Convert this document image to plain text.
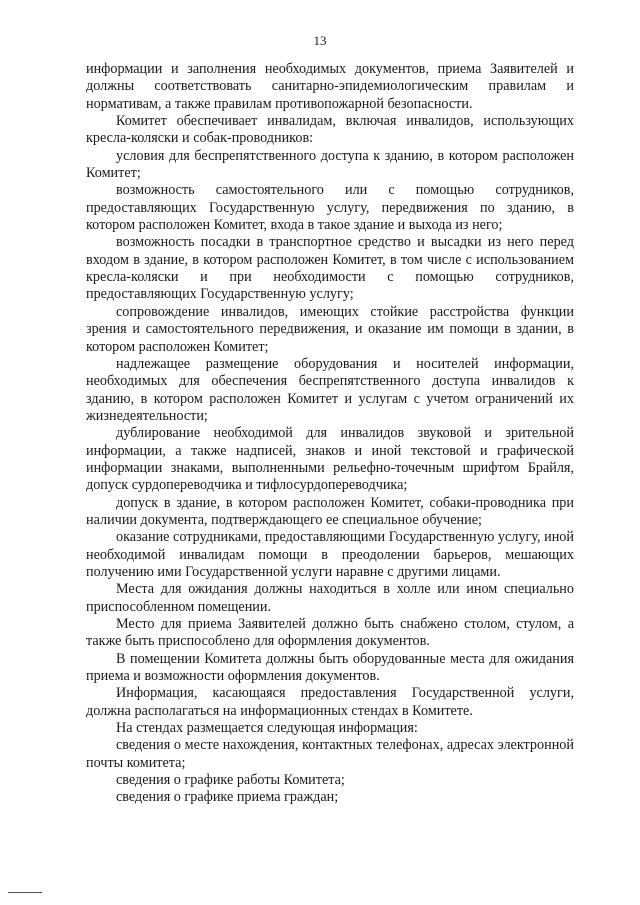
13

информации и заполнения необходимых документов, приема Заявителей и должны соответствовать санитарно-эпидемиологическим правилам и нормативам, а также правилам противопожарной безопасности.

Комитет обеспечивает инвалидам, включая инвалидов, использующих кресла-коляски и собак-проводников:

условия для беспрепятственного доступа к зданию, в котором расположен Комитет;

возможность самостоятельного или с помощью сотрудников, предоставляющих Государственную услугу, передвижения по зданию, в котором расположен Комитет, входа в такое здание и выхода из него;

возможность посадки в транспортное средство и высадки из него перед входом в здание, в котором расположен Комитет, в том числе с использованием кресла-коляски и при необходимости с помощью сотрудников, предоставляющих Государственную услугу;

сопровождение инвалидов, имеющих стойкие расстройства функции зрения и самостоятельного передвижения, и оказание им помощи в здании, в котором расположен Комитет;

надлежащее размещение оборудования и носителей информации, необходимых для обеспечения беспрепятственного доступа инвалидов к зданию, в котором расположен Комитет и услугам с учетом ограничений их жизнедеятельности;

дублирование необходимой для инвалидов звуковой и зрительной информации, а также надписей, знаков и иной текстовой и графической информации знаками, выполненными рельефно-точечным шрифтом Брайля, допуск сурдопереводчика и тифлосурдопереводчика;

допуск в здание, в котором расположен Комитет, собаки-проводника при наличии документа, подтверждающего ее специальное обучение;

оказание сотрудниками, предоставляющими Государственную услугу, иной необходимой инвалидам помощи в преодолении барьеров, мешающих получению ими Государственной услуги наравне с другими лицами.

Места для ожидания должны находиться в холле или ином специально приспособленном помещении.

Место для приема Заявителей должно быть снабжено столом, стулом, а также быть приспособлено для оформления документов.

В помещении Комитета должны быть оборудованные места для ожидания приема и возможности оформления документов.

Информация, касающаяся предоставления Государственной услуги, должна располагаться на информационных стендах в Комитете.

На стендах размещается следующая информация:

сведения о месте нахождения, контактных телефонах, адресах электронной почты комитета;

сведения о графике работы Комитета;

сведения о графике приема граждан;
